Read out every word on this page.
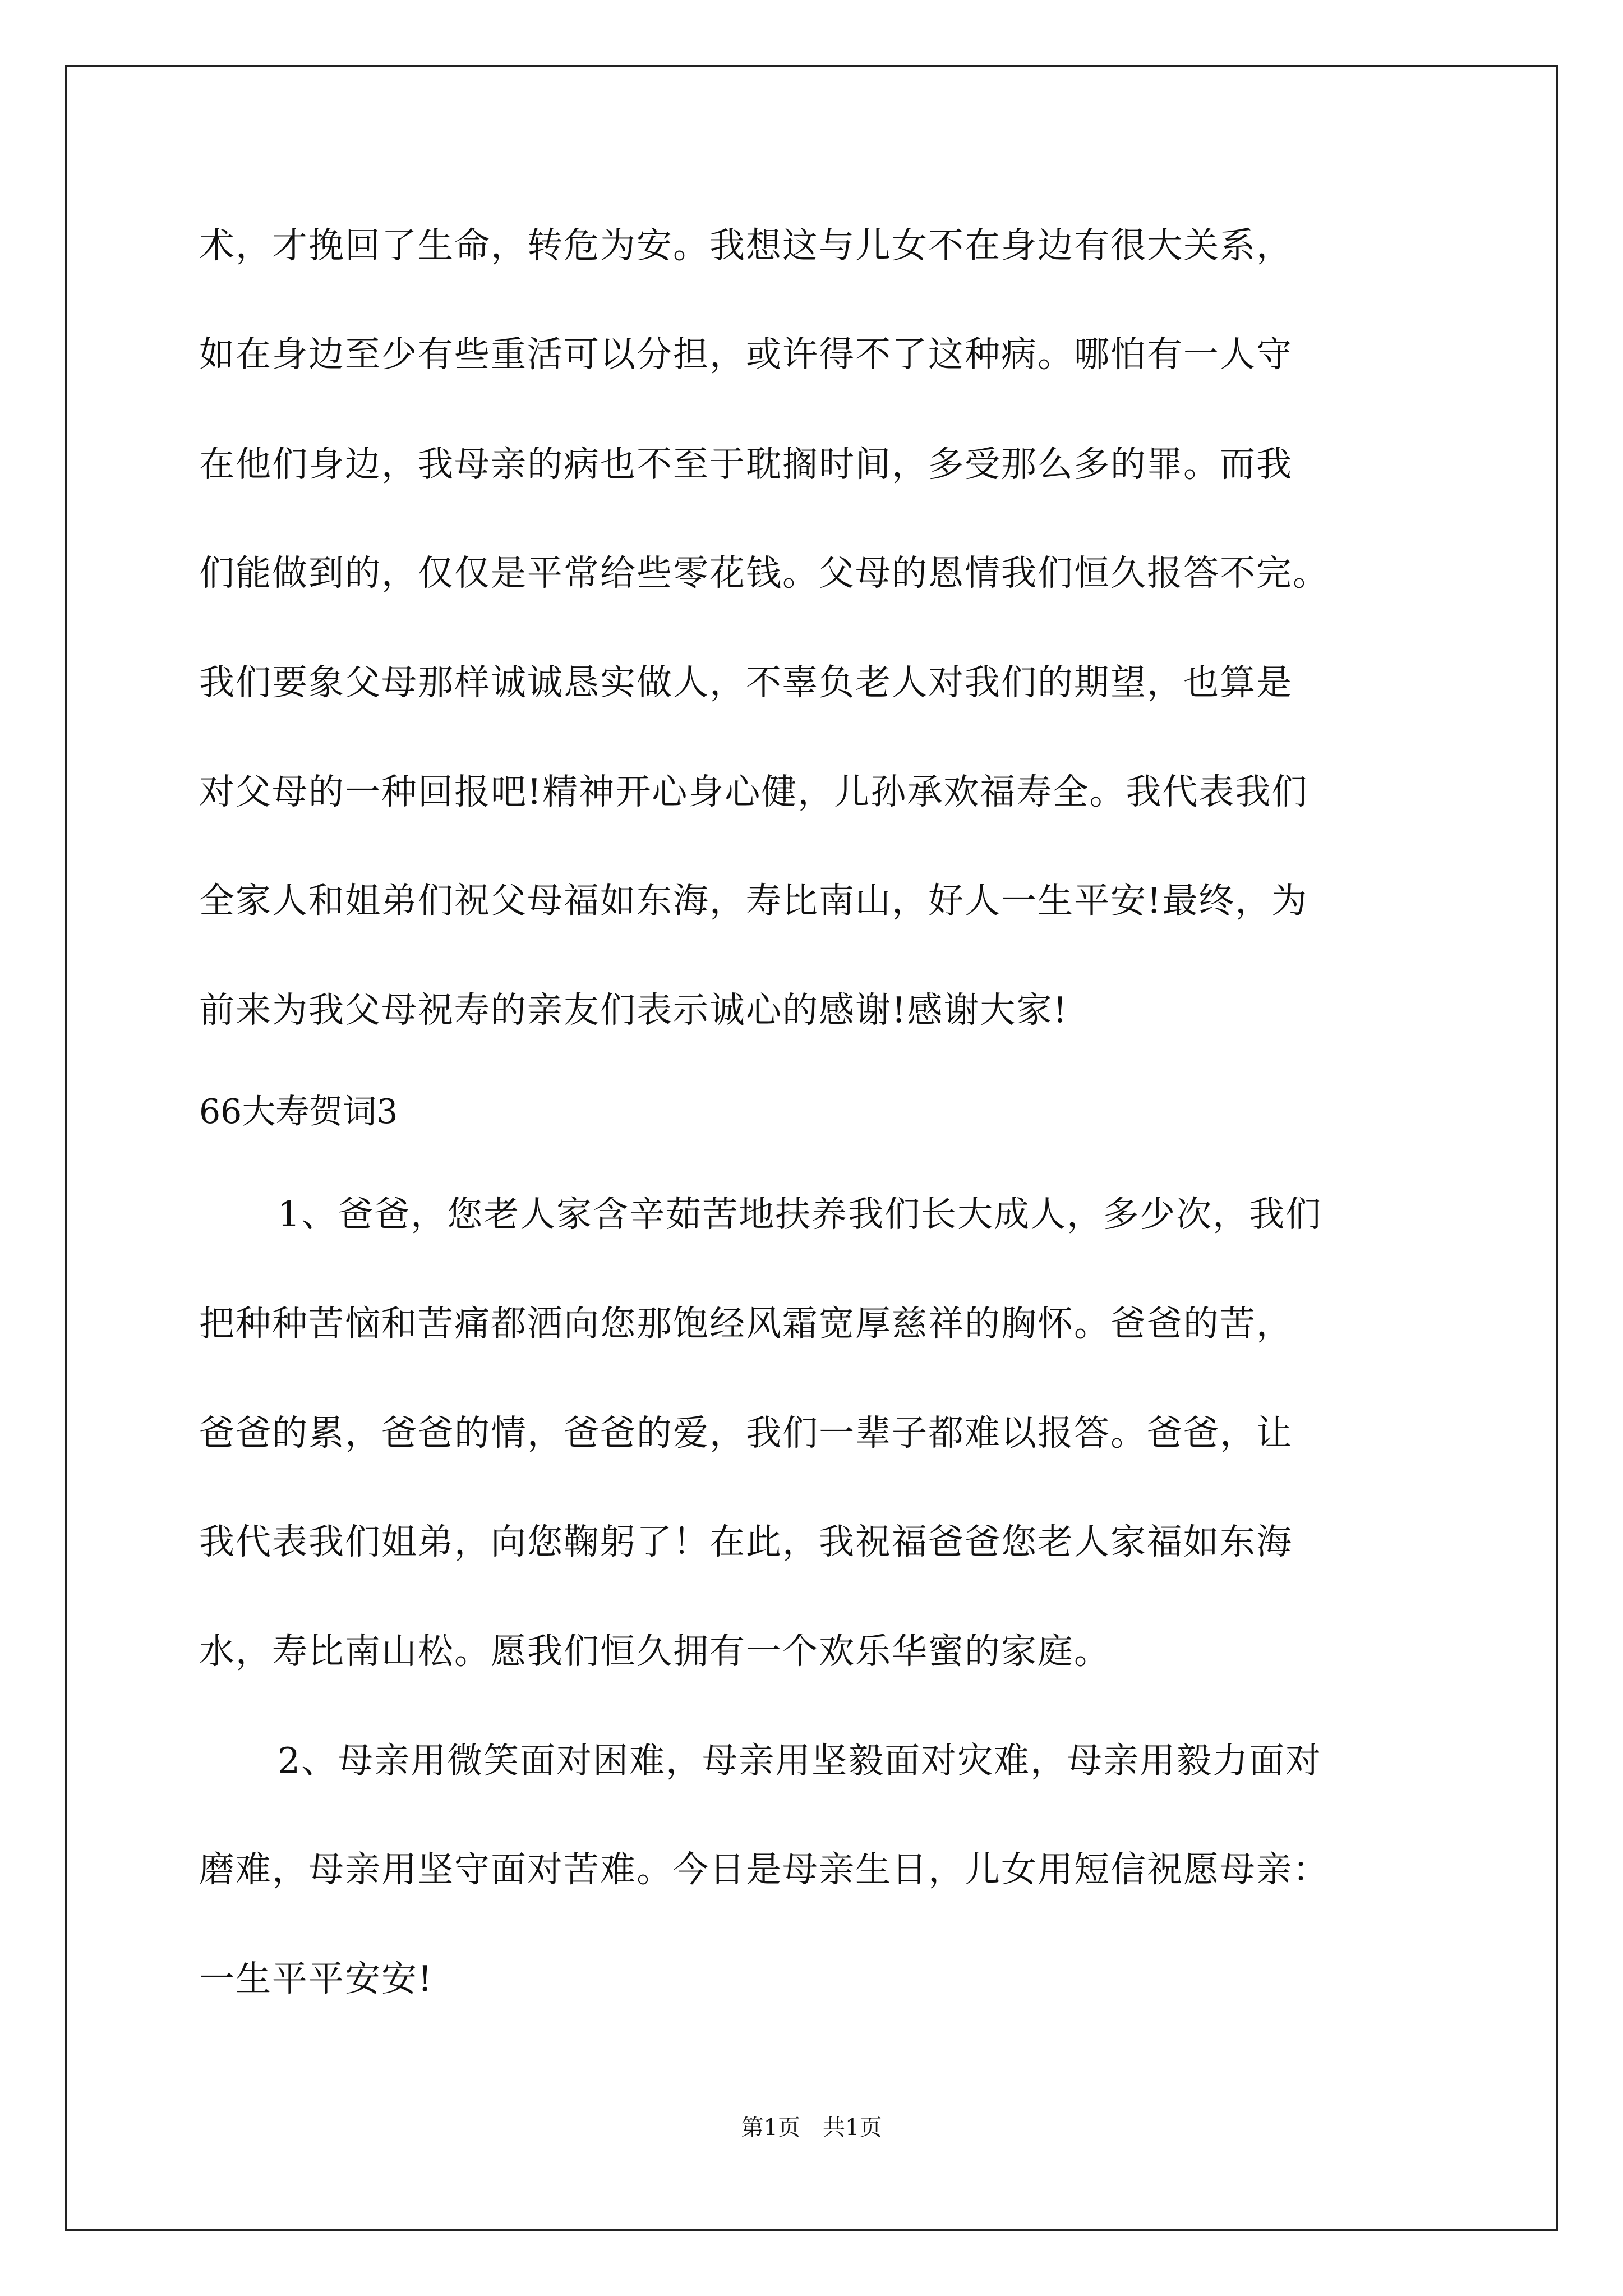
术，才挽回了生命，转危为安。我想这与儿女不在身边有很大关系，
如在身边至少有些重活可以分担，或许得不了这种病。哪怕有一人守
在他们身边，我母亲的病也不至于耽搁时间，多受那么多的罪。而我
们能做到的，仅仅是平常给些零花钱。父母的恩情我们恒久报答不完。
我们要象父母那样诚诚恳实做人，不辜负老人对我们的期望，也算是
对父母的一种回报吧!精神开心身心健，儿孙承欢福寿全。我代表我们
全家人和姐弟们祝父母福如东海，寿比南山，好人一生平安!最终，为
前来为我父母祝寿的亲友们表示诚心的感谢!感谢大家!
66大寿贺词3
1、爸爸，您老人家含辛茹苦地扶养我们长大成人，多少次，我们
把种种苦恼和苦痛都洒向您那饱经风霜宽厚慈祥的胸怀。爸爸的苦，
爸爸的累，爸爸的情，爸爸的爱，我们一辈子都难以报答。爸爸，让
我代表我们姐弟，向您鞠躬了！在此，我祝福爸爸您老人家福如东海
水，寿比南山松。愿我们恒久拥有一个欢乐华蜜的家庭。
2、母亲用微笑面对困难，母亲用坚毅面对灾难，母亲用毅力面对
磨难，母亲用坚守面对苦难。今日是母亲生日，儿女用短信祝愿母亲：
一生平平安安!
第1页 共1页
